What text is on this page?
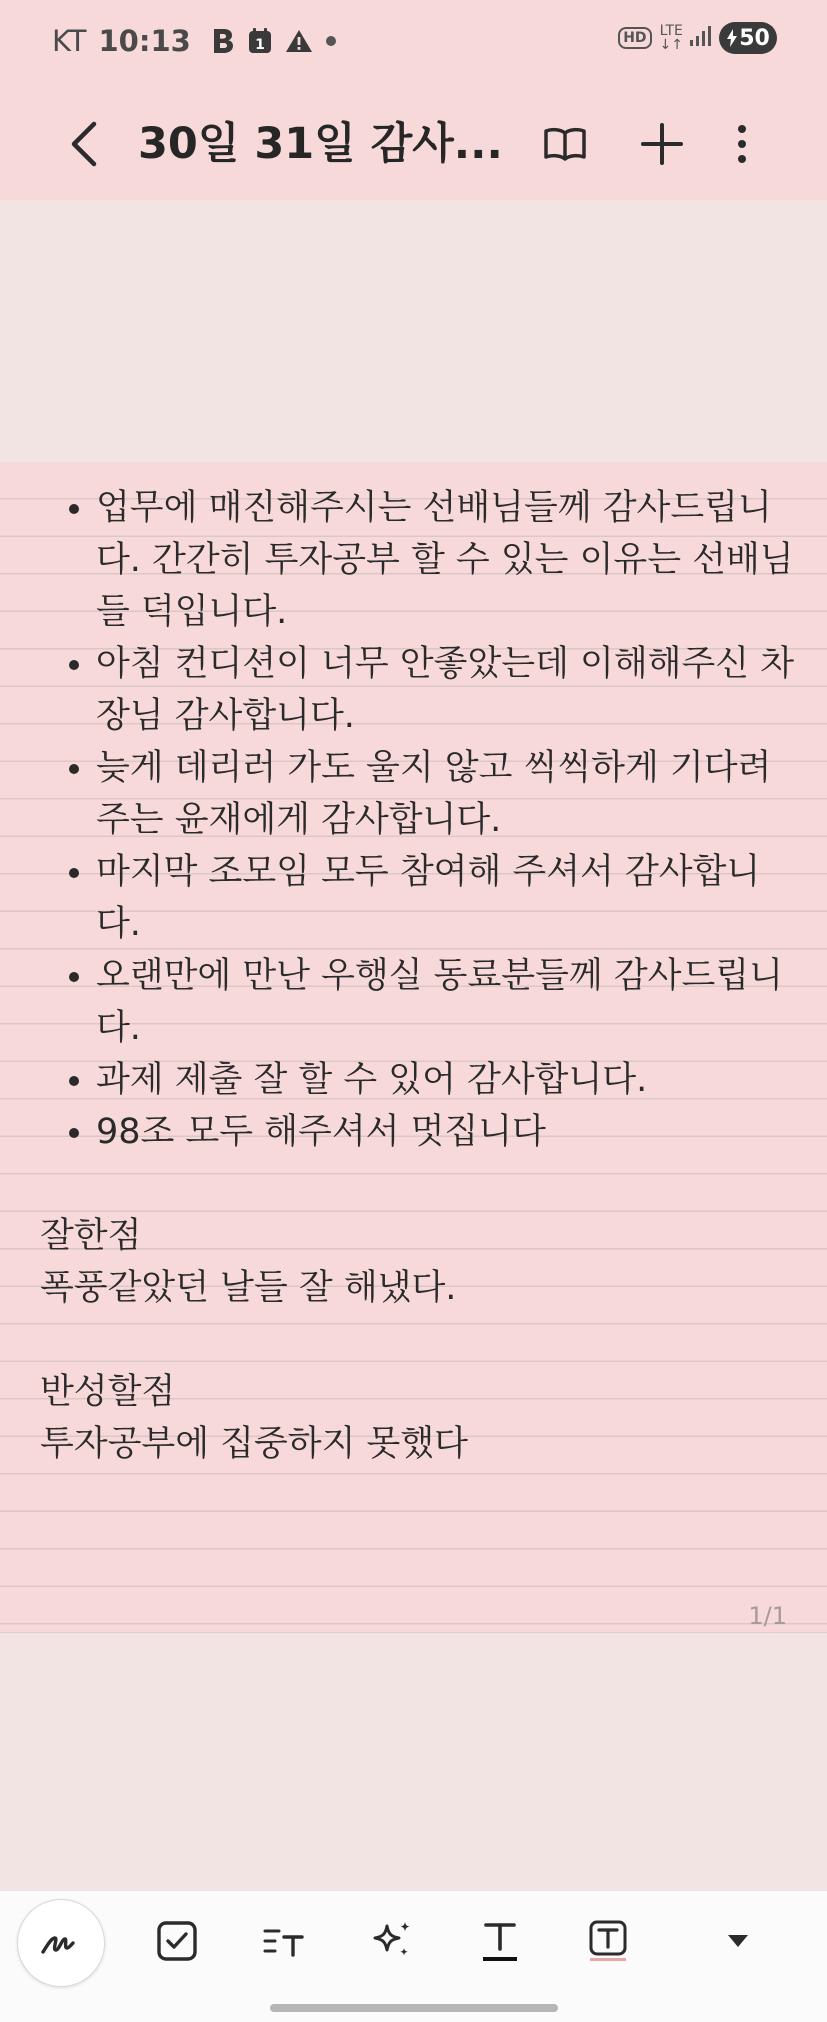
KT 10:13	1	HD LTE
↓↑	50
30일 31일 감사...
• 업무에 매진해주시는 선배님들께 감사드립니다. 간간히 투자공부 할 수 있는 이유는 선배님들 덕입니다.
• 아침 컨디션이 너무 안좋았는데 이해해주신 차장님 감사합니다.
• 늦게 데리러 가도 울지 않고 씩씩하게 기다려주는 윤재에게 감사합니다.
• 마지막 조모임 모두 참여해 주셔서 감사합니다.
• 오랜만에 만난 우행실 동료분들께 감사드립니다.
• 과제 제출 잘 할 수 있어 감사합니다.
• 98조 모두 해주셔서 멋집니다

잘한점

폭풍같았던 날들 잘 해냈다.

반성할점

투자공부에 집중하지 못했다

1/1
